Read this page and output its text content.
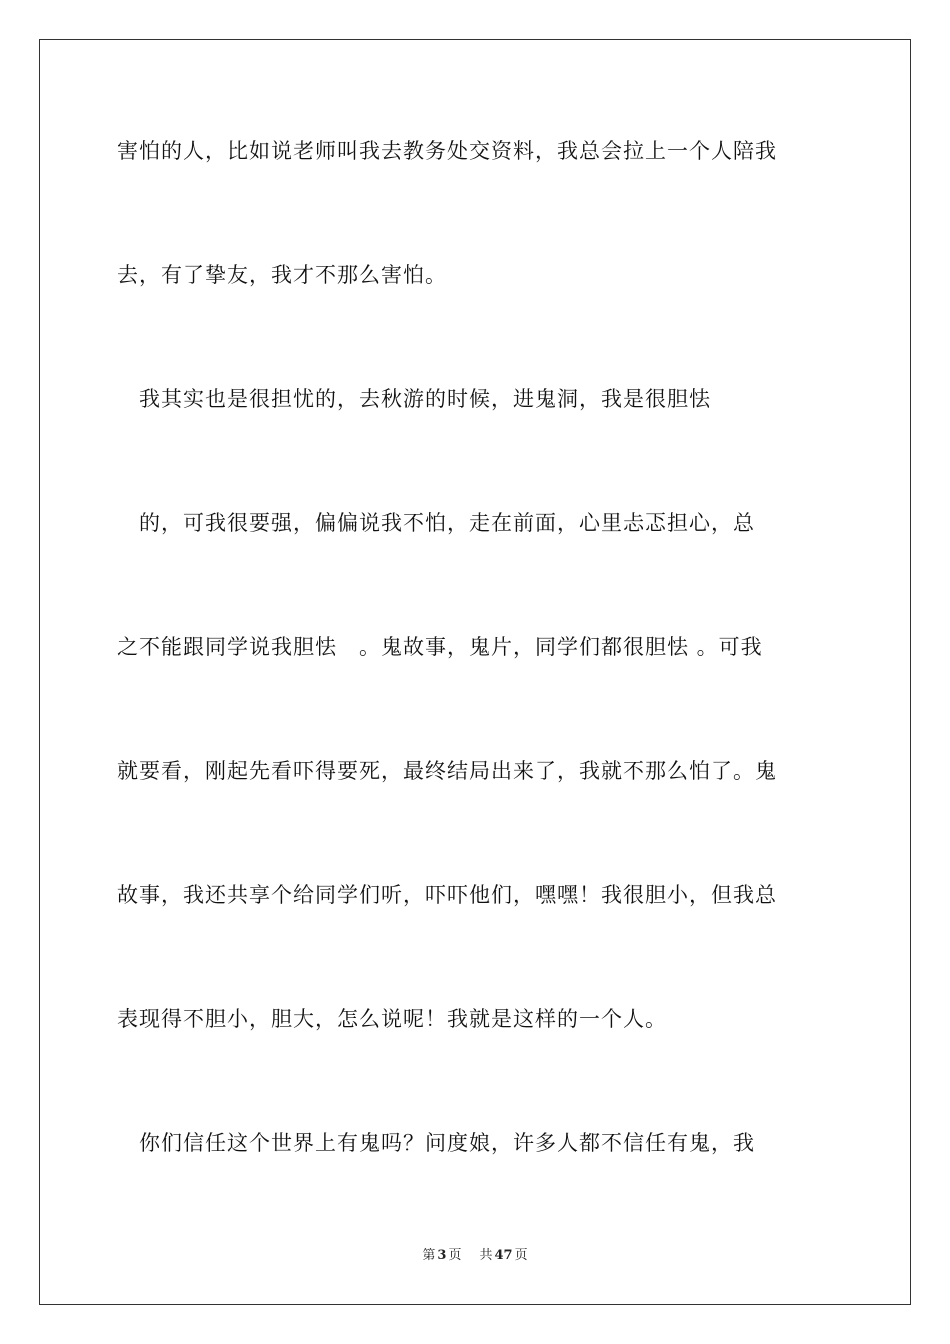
害怕的人，比如说老师叫我去教务处交资料，我总会拉上一个人陪我
去，有了挚友，我才不那么害怕。
　我其实也是很担忧的，去秋游的时候，进鬼洞，我是很胆怯
　的，可我很要强，偏偏说我不怕，走在前面，心里忐忑担心，总
之不能跟同学说我胆怯　。鬼故事，鬼片，同学们都很胆怯 。可我
就要看，刚起先看吓得要死，最终结局出来了，我就不那么怕了。鬼
故事，我还共享个给同学们听，吓吓他们，嘿嘿！我很胆小，但我总
表现得不胆小，胆大，怎么说呢！我就是这样的一个人。
　你们信任这个世界上有鬼吗？问度娘，许多人都不信任有鬼，我
第 3 页 共 47 页
